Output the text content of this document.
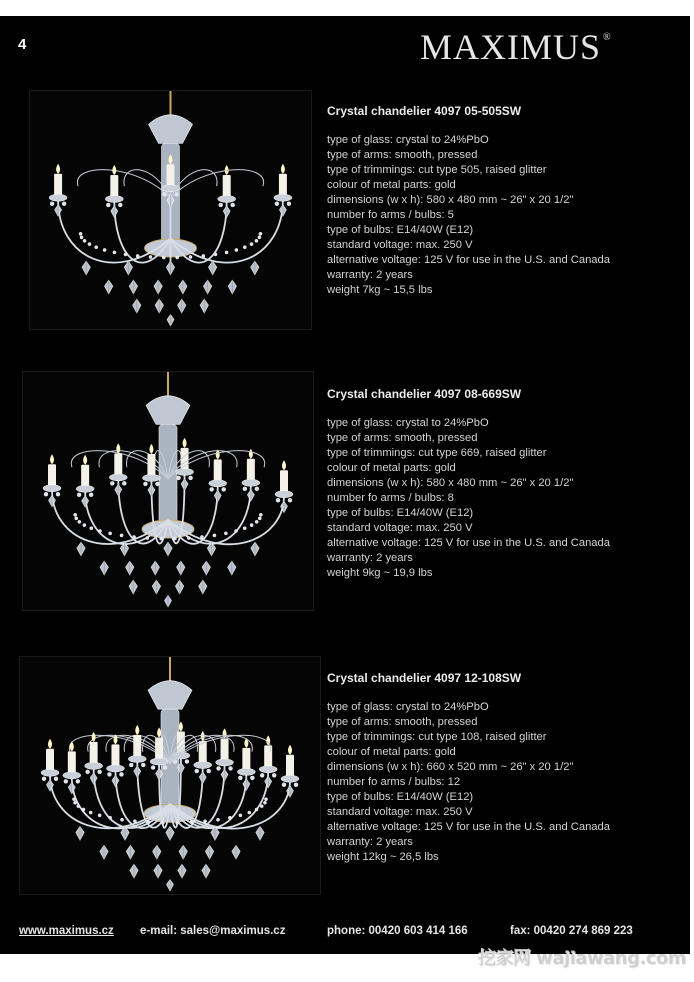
4	MAXIMUS ®
Crystal chandelier 4097 05-505SW
type of glass: crystal to 24%PbO
type of arms: smooth, pressed
type of trimmings: cut type 505, raised glitter
colour of metal parts: gold
dimensions (w x h): 580 x 480 mm ~ 26" x 20 1/2"
number fo arms / bulbs: 5
type of bulbs: E14/40W (E12)
standard voltage: max. 250 V
alternative voltage: 125 V for use in the U.S. and Canada
warranty: 2 years
weight 7kg ~ 15,5 lbs
Crystal chandelier 4097 08-669SW
type of glass: crystal to 24%PbO
type of arms: smooth, pressed
type of trimmings: cut type 669, raised glitter
colour of metal parts: gold
dimensions (w x h): 580 x 480 mm ~ 26" x 20 1/2"
number fo arms / bulbs: 8
type of bulbs: E14/40W (E12)
standard voltage: max. 250 V
alternative voltage: 125 V for use in the U.S. and Canada
warranty: 2 years
weight 9kg ~ 19,9 lbs
Crystal chandelier 4097 12-108SW
type of glass: crystal to 24%PbO
type of arms: smooth, pressed
type of trimmings: cut type 108, raised glitter
colour of metal parts: gold
dimensions (w x h): 660 x 520 mm ~ 26" x 20 1/2"
number fo arms / bulbs: 12
type of bulbs: E14/40W (E12)
standard voltage: max. 250 V
alternative voltage: 125 V for use in the U.S. and Canada
warranty: 2 years
weight 12kg ~ 26,5 lbs
www.maximus.cz e-mail: sales@maximus.cz	phone: 00420 603 414 166	fax: 00420 274 869 223
挖家网 wajiawang.com
